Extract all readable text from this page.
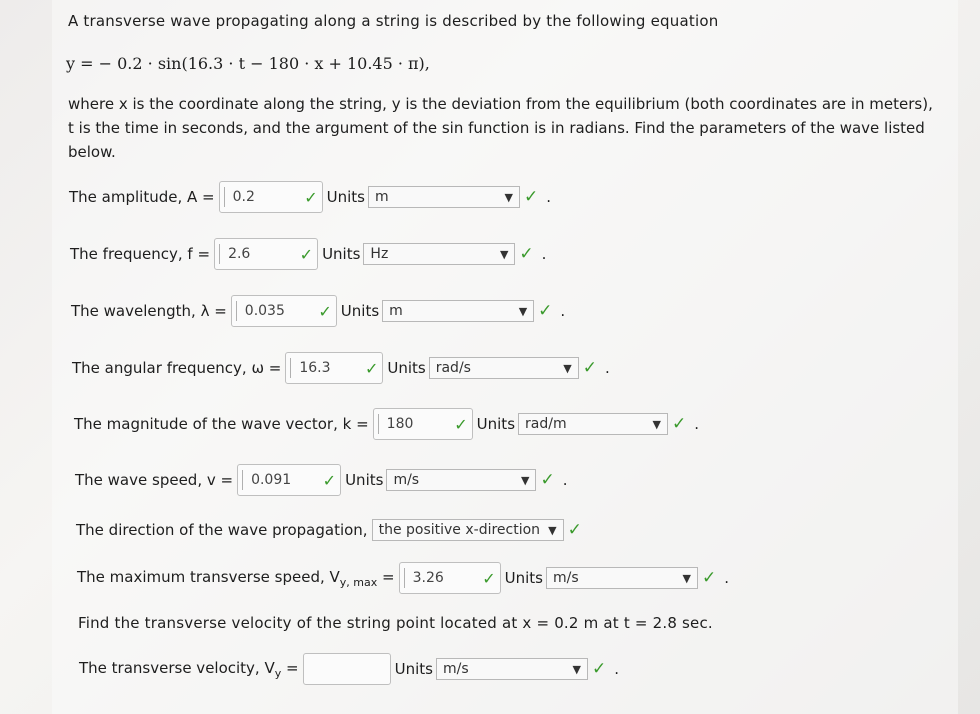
A transverse wave propagating along a string is described by the following equation
y = − 0.2 · sin(16.3 · t − 180 · x + 10.45 · π),
where x is the coordinate along the string, y is the deviation from the equilibrium (both coordinates are in meters), t is the time in seconds, and the argument of the sin function is in radians. Find the parameters of the wave listed below.
The amplitude, A =	0.2	✓ Units m	▼ ✓ .
The frequency, f =	2.6	✓ Units Hz	▼ ✓ .
The wavelength, λ =	0.035 ✓ Units m	▼ ✓ .
The angular frequency, ω =	16.3 ✓ Units rad/s	▼ ✓ .
The magnitude of the wave vector, k =	180	✓ Units rad/m	▼ ✓ .
The wave speed, v =	0.091 ✓ Units m/s	▼ ✓ .
The direction of the wave propagation, the positive x-direction ▼ ✓
The maximum transverse speed, $V_{y, max}$ =	3.26 ✓ Units m/s	▼ ✓ .
Find the transverse velocity of the string point located at x = 0.2 m at t = 2.8 sec.
The transverse velocity, $V_y$ =	Units m/s	▼ ✓ .
